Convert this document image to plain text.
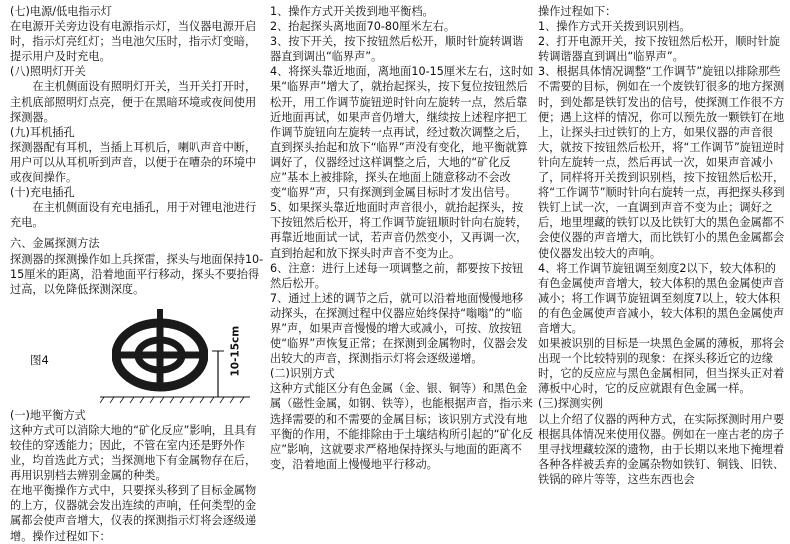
(七)电源/低电指示灯

在电源开关旁边设有电源指示灯，当仪器电源开启时，指示灯亮红灯；当电池欠压时，指示灯变暗，提示用户及时充电。

(八)照明灯开关

在主机侧面设有照明灯开关，当开关打开时，主机底部照明灯点亮，便于在黑暗环境或夜间使用探测器。

(九)耳机插孔

探测器配有耳机，当插上耳机后，喇叭声音中断，用户可以从耳机听到声音，以便于在嘈杂的环境中或夜间操作。

(十)充电插孔

在主机侧面设有充电插孔，用于对锂电池进行充电。

六、金属探测方法

探测器的探测操作如上兵探雷，探头与地面保持10-15厘米的距离，沿着地面平行移动，探头不要抬得过高，以免降低探测深度。

图4	10-15cm

(一)地平衡方式

这种方式可以消除大地的“矿化反应”影响，且具有较佳的穿透能力；因此，不管在室内还是野外作业，均首选此方式；当探测地下有金属物存在后，再用识别档去辨别金属的种类。

在地平衡操作方式中，只要探头移到了目标金属物的上方，仪器就会发出连续的声响，任何类型的金属都会使声音增大，仪表的探测指示灯将会逐级递增。操作过程如下：

1、操作方式开关拨到地平衡档。

2、抬起探头离地面70-80厘米左右。

3、按下开关，按下按钮然后松开，顺时针旋转调谐器直到调出“临界声”。

4、将探头靠近地面，离地面10-15厘米左右，这时如果“临界声”增大了，就抬起探头，按下复位按钮然后松开，用工作调节旋钮逆时针向左旋转一点，然后靠近地面再试，如果声音仍增大，继续按上述程序把工作调节旋钮向左旋转一点再试，经过数次调整之后，直到探头抬起和放下“临界”声没有变化，地平衡就算调好了，仪器经过这样调整之后，大地的“矿化反应”基本上被排除，探头在地面上随意移动不会改变“临界”声，只有探测到金属目标时才发出信号。

5、如果探头靠近地面时声音很小，就抬起探头，按下按钮然后松开，将工作调节旋钮顺时针向右旋转，再靠近地面试一试，若声音仍然变小，又再调一次，直到抬起和放下探头时声音不变为止。

6、注意：进行上述每一项调整之前，都要按下按钮然后松开。

7、通过上述的调节之后，就可以沿着地面慢慢地移动探头，在探测过程中仪器应始终保持“嗡嗡”的“临界”声，如果声音慢慢的增大或减小，可按、放按钮使“临界”声恢复正常；在探测到金属物时，仪器会发出较大的声音，探测指示灯将会逐级递增。

(二)识别方式

这种方式能区分有色金属（金、银、铜等）和黑色金属（磁性金属，如钢、铁等），也能根据声音，指示来选择需要的和不需要的金属目标；该识别方式没有地平衡的作用，不能排除由于土壤结构所引起的“矿化反应”影响，这就要求严格地保持探头与地面的距离不变，沿着地面上慢慢地平行移动。

操作过程如下：

1、操作方式开关拨到识别档。

2、打开电源开关，按下按钮然后松开，顺时针旋转调谐器直到调出“临界声”。

3、根据具体情况调整“工作调节”旋钮以排除那些不需要的目标，例如在一个废铁钉很多的地方探测时，到处都是铁钉发出的信号，使探测工作很不方便；遇上这样的情况，你可以预先放一颗铁钉在地上，让探头扫过铁钉的上方，如果仪器的声音很大，就按下按钮然后松开，将“工作调节”旋钮逆时针向左旋转一点，然后再试一次，如果声音减小了，同样将开关拨到识别档，按下按钮然后松开，将“工作调节”顺时针向右旋转一点，再把探头移到铁钉上试一次，一直调到声音不变为止；调好之后，地里埋藏的铁钉以及比铁钉大的黑色金属都不会使仪器的声音增大，而比铁钉小的黑色金属都会使仪器发出较大的声响。

4、将工作调节旋钮调至刻度2以下，较大体积的有色金属使声音增大，较大体积的黑色金属使声音减小；将工作调节旋钮调至刻度7以上，较大体积的有色金属使声音减小，较大体积的黑色金属使声音增大。

如果被识别的目标是一块黑色金属的薄板，那将会出现一个比较特别的现象：在探头移近它的边缘时，它的反应应与黑色金属相同，但当探头正对着薄板中心时，它的反应就跟有色金属一样。

(三)探测实例

以上介绍了仪器的两种方式，在实际探测时用户要根据具体情况来使用仪器。例如在一座古老的房子里寻找埋藏较深的遗物，由于长期以来地下掩埋着各种各样被丢弃的金属杂物如铁钉、铜钱、旧铁、铁锅的碎片等等，这些东西也会
